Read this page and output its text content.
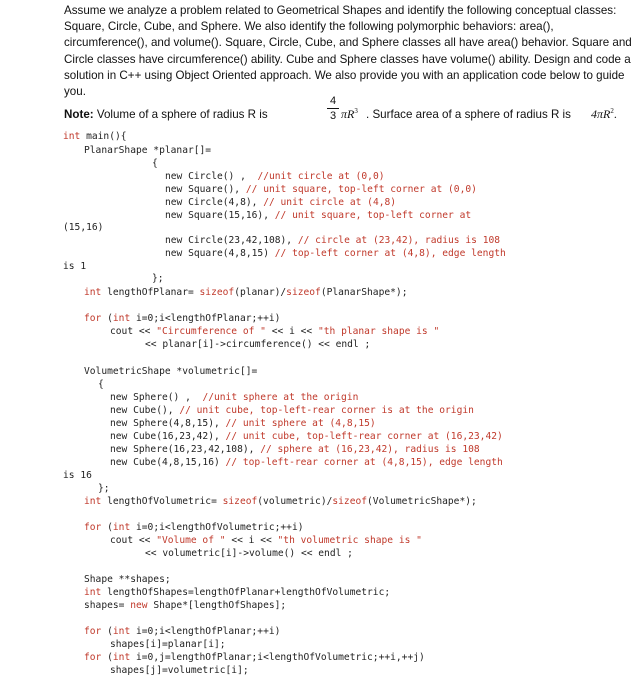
Assume we analyze a problem related to Geometrical Shapes and identify the following conceptual classes: Square, Circle, Cube, and Sphere. We also identify the following polymorphic behaviors: area(), circumference(), and volume(). Square, Circle, Cube, and Sphere classes all have area() behavior. Square and Circle classes have circumference() ability. Cube and Sphere classes have volume() ability. Design and code a solution in C++ using Object Oriented approach. We also provide you with an application code below to guide you.

Note: Volume of a sphere of radius R is	$\frac{4}{3} \pi R^3$ . Surface area of a sphere of radius R is $4\pi R^2$.
int main(){
PlanarShape *planar[]=
{
new Circle() , //unit circle at (0,0)
new Square(), // unit square, top-left corner at (0,0)
new Circle(4,8), // unit circle at (4,8)
new Square(15,16), // unit square, top-left corner at
(15,16)
new Circle(23,42,108), // circle at (23,42), radius is 108
new Square(4,8,15) // top-left corner at (4,8), edge length
is 1
};
int lengthOfPlanar= sizeof(planar)/sizeof(PlanarShape*);
for (int i=0;i<lengthOfPlanar;++i)
cout << "Circumference of " << i << "th planar shape is "
<< planar[i]->circumference() << endl ;
VolumetricShape *volumetric[]=
{
new Sphere() , //unit sphere at the origin
new Cube(), // unit cube, top-left-rear corner is at the origin
new Sphere(4,8,15), // unit sphere at (4,8,15)
new Cube(16,23,42), // unit cube, top-left-rear corner at (16,23,42)
new Sphere(16,23,42,108), // sphere at (16,23,42), radius is 108
new Cube(4,8,15,16) // top-left-rear corner at (4,8,15), edge length
is 16
};
int lengthOfVolumetric= sizeof(volumetric)/sizeof(VolumetricShape*);
for (int i=0;i<lengthOfVolumetric;++i)
cout << "Volume of " << i << "th volumetric shape is "
<< volumetric[i]->volume() << endl ;
Shape **shapes;
int lengthOfShapes=lengthOfPlanar+lengthOfVolumetric;
shapes= new Shape*[lengthOfShapes];
for (int i=0;i<lengthOfPlanar;++i)
shapes[i]=planar[i];
for (int i=0,j=lengthOfPlanar;i<lengthOfVolumetric;++i,++j)
shapes[j]=volumetric[i];
